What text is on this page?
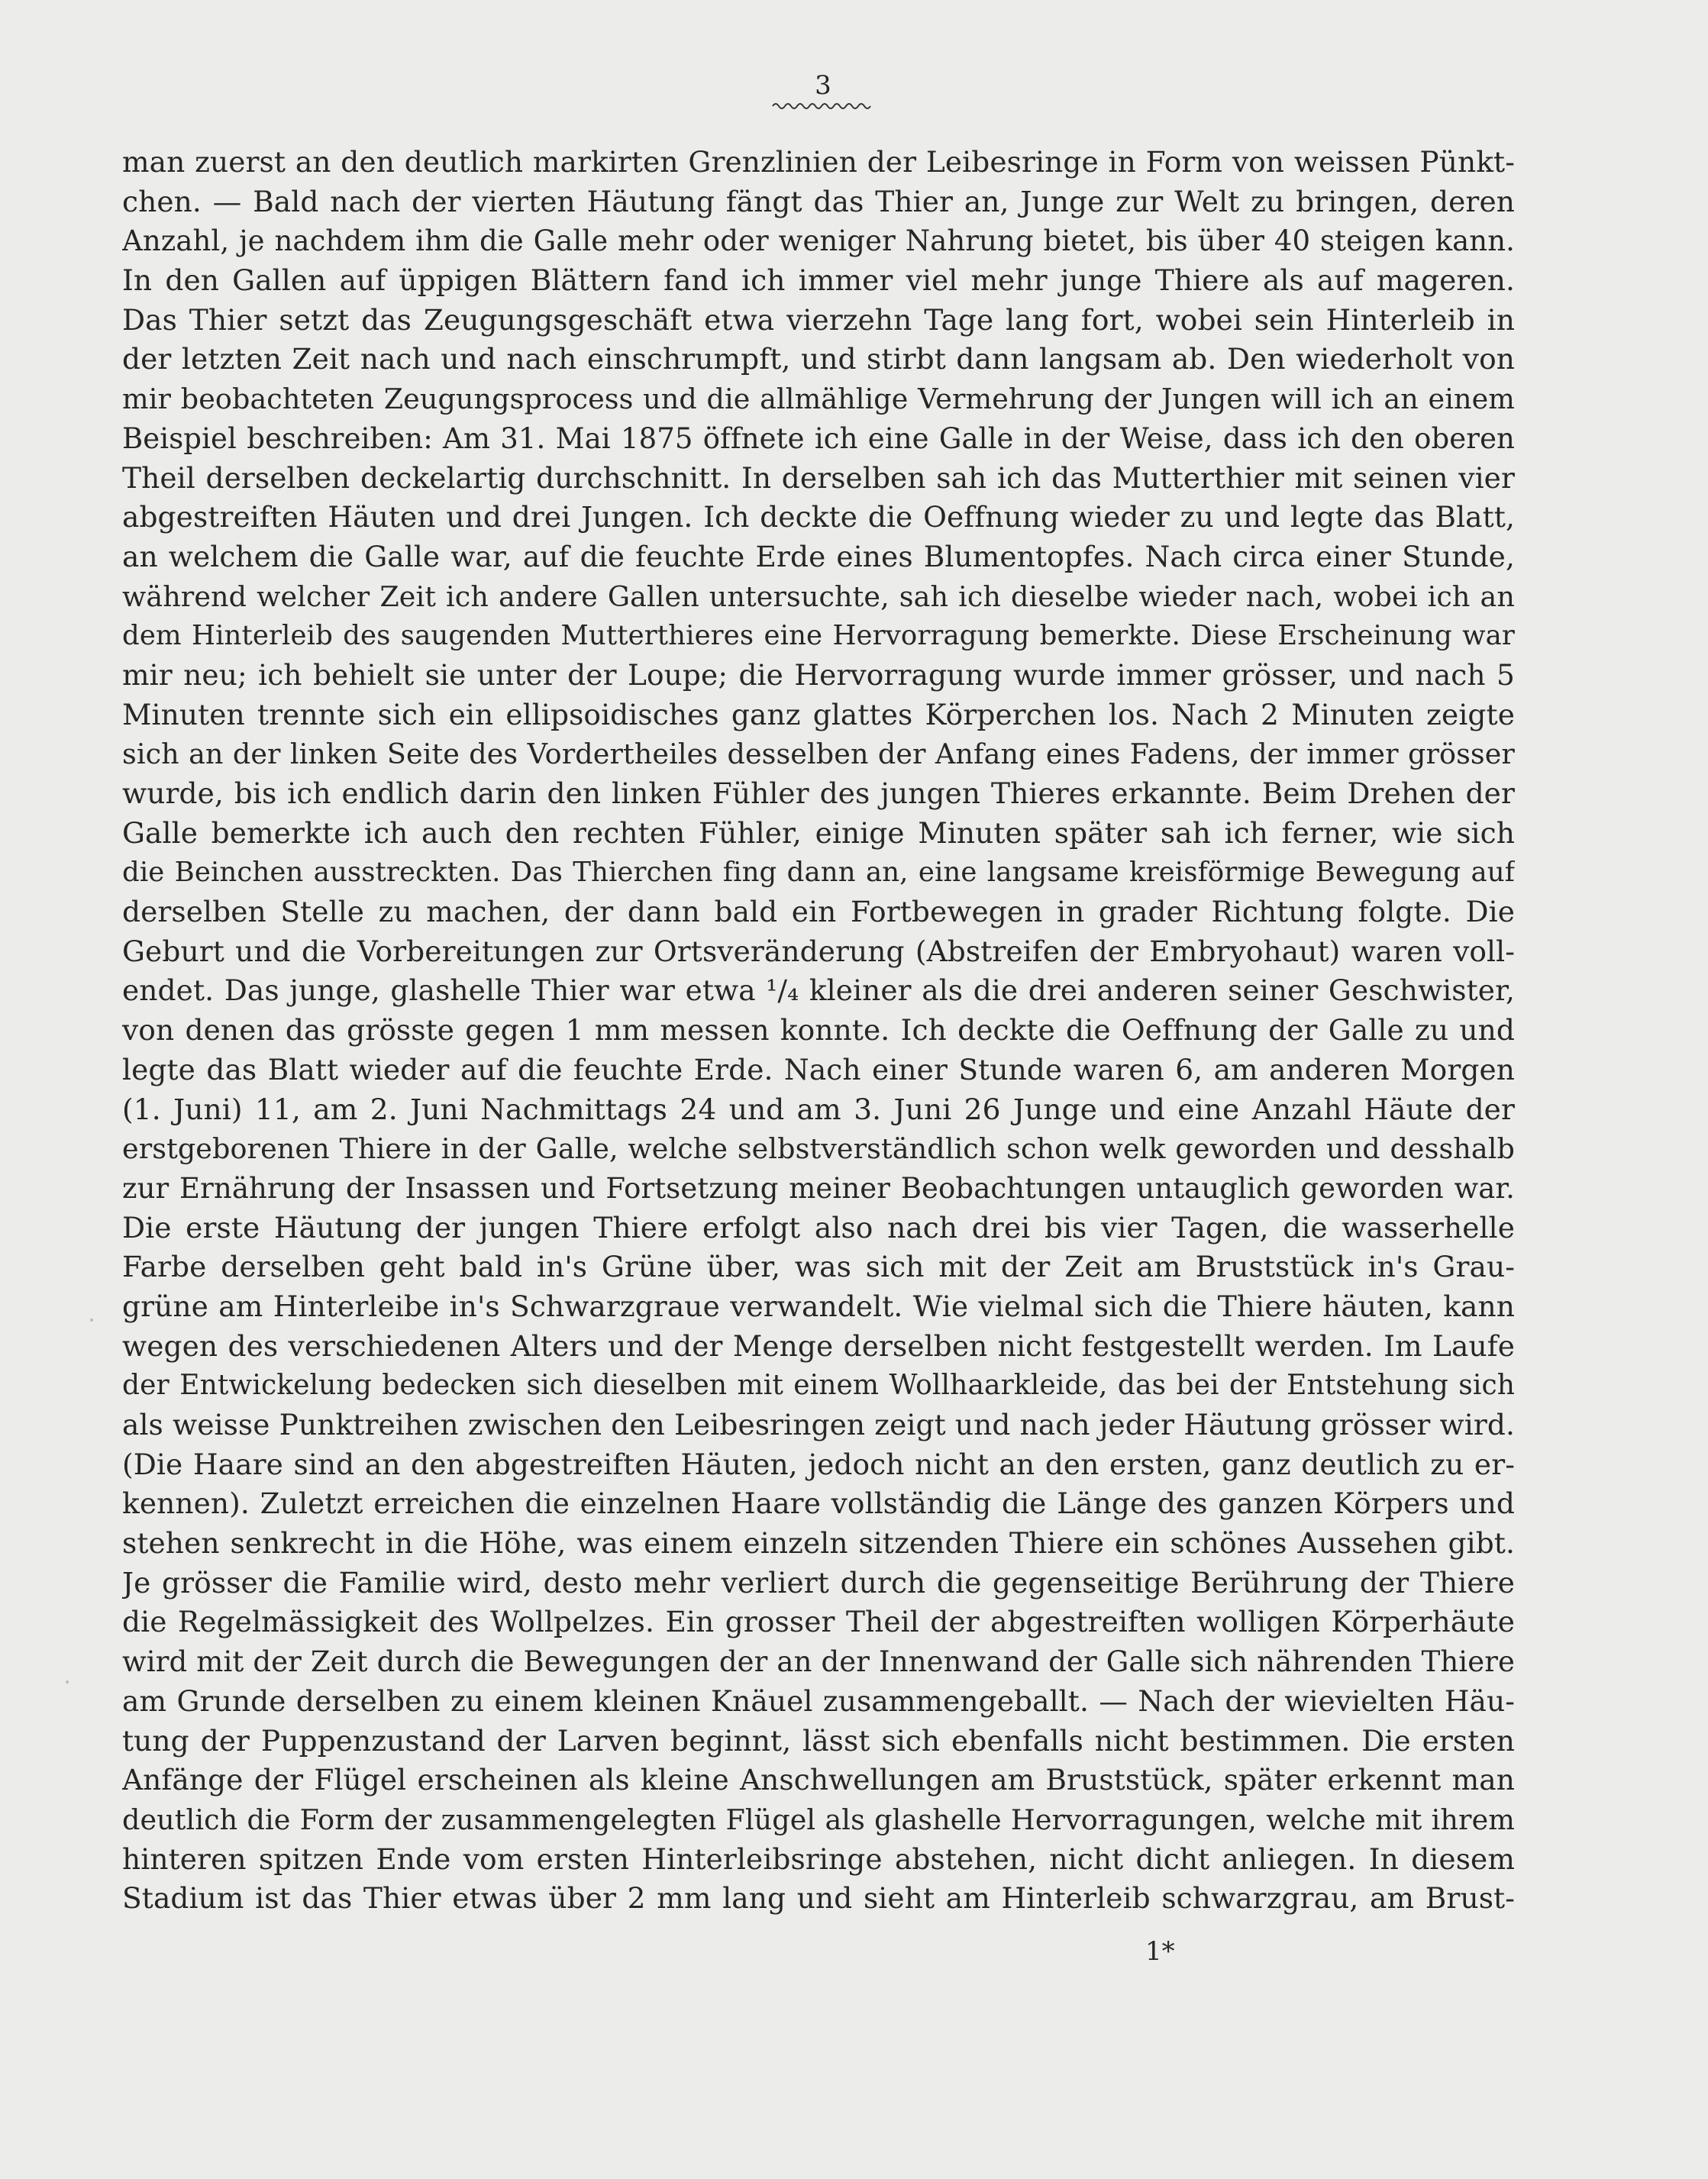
3
man zuerst an den deutlich markirten Grenzlinien der Leibesringe in Form von weissen Pünkt-
chen. — Bald nach der vierten Häutung fängt das Thier an, Junge zur Welt zu bringen, deren
Anzahl, je nachdem ihm die Galle mehr oder weniger Nahrung bietet, bis über 40 steigen kann.
In den Gallen auf üppigen Blättern fand ich immer viel mehr junge Thiere als auf mageren.
Das Thier setzt das Zeugungsgeschäft etwa vierzehn Tage lang fort, wobei sein Hinterleib in
der letzten Zeit nach und nach einschrumpft, und stirbt dann langsam ab. Den wiederholt von
mir beobachteten Zeugungsprocess und die allmählige Vermehrung der Jungen will ich an einem
Beispiel beschreiben: Am 31. Mai 1875 öffnete ich eine Galle in der Weise, dass ich den oberen
Theil derselben deckelartig durchschnitt. In derselben sah ich das Mutterthier mit seinen vier
abgestreiften Häuten und drei Jungen. Ich deckte die Oeffnung wieder zu und legte das Blatt,
an welchem die Galle war, auf die feuchte Erde eines Blumentopfes. Nach circa einer Stunde,
während welcher Zeit ich andere Gallen untersuchte, sah ich dieselbe wieder nach, wobei ich an
dem Hinterleib des saugenden Mutterthieres eine Hervorragung bemerkte. Diese Erscheinung war
mir neu; ich behielt sie unter der Loupe; die Hervorragung wurde immer grösser, und nach 5
Minuten trennte sich ein ellipsoidisches ganz glattes Körperchen los. Nach 2 Minuten zeigte
sich an der linken Seite des Vordertheiles desselben der Anfang eines Fadens, der immer grösser
wurde, bis ich endlich darin den linken Fühler des jungen Thieres erkannte. Beim Drehen der
Galle bemerkte ich auch den rechten Fühler, einige Minuten später sah ich ferner, wie sich
die Beinchen ausstreckten. Das Thierchen fing dann an, eine langsame kreisförmige Bewegung auf
derselben Stelle zu machen, der dann bald ein Fortbewegen in grader Richtung folgte. Die
Geburt und die Vorbereitungen zur Ortsveränderung (Abstreifen der Embryohaut) waren voll-
endet. Das junge, glashelle Thier war etwa ¹/₄ kleiner als die drei anderen seiner Geschwister,
von denen das grösste gegen 1 mm messen konnte. Ich deckte die Oeffnung der Galle zu und
legte das Blatt wieder auf die feuchte Erde. Nach einer Stunde waren 6, am anderen Morgen
(1. Juni) 11, am 2. Juni Nachmittags 24 und am 3. Juni 26 Junge und eine Anzahl Häute der
erstgeborenen Thiere in der Galle, welche selbstverständlich schon welk geworden und desshalb
zur Ernährung der Insassen und Fortsetzung meiner Beobachtungen untauglich geworden war.
Die erste Häutung der jungen Thiere erfolgt also nach drei bis vier Tagen, die wasserhelle
Farbe derselben geht bald in's Grüne über, was sich mit der Zeit am Bruststück in's Grau-
grüne am Hinterleibe in's Schwarzgraue verwandelt. Wie vielmal sich die Thiere häuten, kann
wegen des verschiedenen Alters und der Menge derselben nicht festgestellt werden. Im Laufe
der Entwickelung bedecken sich dieselben mit einem Wollhaarkleide, das bei der Entstehung sich
als weisse Punktreihen zwischen den Leibesringen zeigt und nach jeder Häutung grösser wird.
(Die Haare sind an den abgestreiften Häuten, jedoch nicht an den ersten, ganz deutlich zu er-
kennen). Zuletzt erreichen die einzelnen Haare vollständig die Länge des ganzen Körpers und
stehen senkrecht in die Höhe, was einem einzeln sitzenden Thiere ein schönes Aussehen gibt.
Je grösser die Familie wird, desto mehr verliert durch die gegenseitige Berührung der Thiere
die Regelmässigkeit des Wollpelzes. Ein grosser Theil der abgestreiften wolligen Körperhäute
wird mit der Zeit durch die Bewegungen der an der Innenwand der Galle sich nährenden Thiere
am Grunde derselben zu einem kleinen Knäuel zusammengeballt. — Nach der wievielten Häu-
tung der Puppenzustand der Larven beginnt, lässt sich ebenfalls nicht bestimmen. Die ersten
Anfänge der Flügel erscheinen als kleine Anschwellungen am Bruststück, später erkennt man
deutlich die Form der zusammengelegten Flügel als glashelle Hervorragungen, welche mit ihrem
hinteren spitzen Ende vom ersten Hinterleibsringe abstehen, nicht dicht anliegen. In diesem
Stadium ist das Thier etwas über 2 mm lang und sieht am Hinterleib schwarzgrau, am Brust-
1*
